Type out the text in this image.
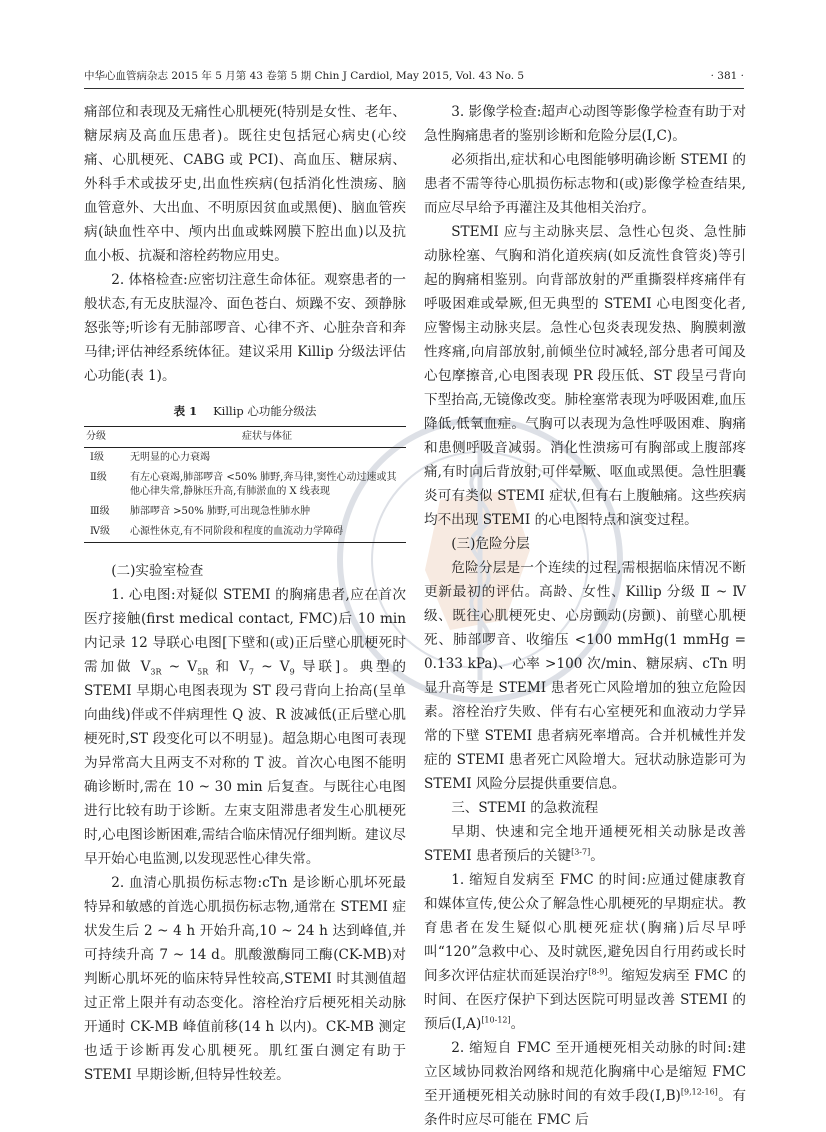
中华心血管病杂志 2015 年 5 月第 43 卷第 5 期 Chin J Cardiol, May 2015, Vol. 43 No. 5	· 381 ·

痛部位和表现及无痛性心肌梗死(特别是女性、老年、糖尿病及高血压患者)。既往史包括冠心病史(心绞痛、心肌梗死、CABG 或 PCI)、高血压、糖尿病、外科手术或拔牙史,出血性疾病(包括消化性溃疡、脑血管意外、大出血、不明原因贫血或黑便)、脑血管疾病(缺血性卒中、颅内出血或蛛网膜下腔出血)以及抗血小板、抗凝和溶栓药物应用史。

2. 体格检查:应密切注意生命体征。观察患者的一般状态,有无皮肤湿冷、面色苍白、烦躁不安、颈静脉怒张等;听诊有无肺部啰音、心律不齐、心脏杂音和奔马律;评估神经系统体征。建议采用 Killip 分级法评估心功能(表 1)。

表 1 Killip 心功能分级法
分级	症状与体征
Ⅰ级	无明显的心力衰竭
Ⅱ级	有左心衰竭,肺部啰音 <50% 肺野,奔马律,窦性心动过速或其他心律失常,静脉压升高,有肺淤血的 X 线表现
Ⅲ级	肺部啰音 >50% 肺野,可出现急性肺水肿
Ⅳ级	心源性休克,有不同阶段和程度的血流动力学障碍

(二)实验室检查

1. 心电图:对疑似 STEMI 的胸痛患者,应在首次医疗接触(first medical contact, FMC)后 10 min 内记录 12 导联心电图[下壁和(或)正后壁心肌梗死时需加做 $V_{3R}$ ~ $V_{5R}$ 和 $V_7$ ~ $V_9$ 导联]。典型的 STEMI 早期心电图表现为 ST 段弓背向上抬高(呈单向曲线)伴或不伴病理性 Q 波、R 波减低(正后壁心肌梗死时,ST 段变化可以不明显)。超急期心电图可表现为异常高大且两支不对称的 T 波。首次心电图不能明确诊断时,需在 10 ~ 30 min 后复查。与既往心电图进行比较有助于诊断。左束支阻滞患者发生心肌梗死时,心电图诊断困难,需结合临床情况仔细判断。建议尽早开始心电监测,以发现恶性心律失常。

2. 血清心肌损伤标志物:cTn 是诊断心肌坏死最特异和敏感的首选心肌损伤标志物,通常在 STEMI 症状发生后 2 ~ 4 h 开始升高,10 ~ 24 h 达到峰值,并可持续升高 7 ~ 14 d。肌酸激酶同工酶(CK-MB)对判断心肌坏死的临床特异性较高,STEMI 时其测值超过正常上限并有动态变化。溶栓治疗后梗死相关动脉开通时 CK-MB 峰值前移(14 h 以内)。CK-MB 测定也适于诊断再发心肌梗死。肌红蛋白测定有助于 STEMI 早期诊断,但特异性较差。

3. 影像学检查:超声心动图等影像学检查有助于对急性胸痛患者的鉴别诊断和危险分层(Ⅰ,C)。

必须指出,症状和心电图能够明确诊断 STEMI 的患者不需等待心肌损伤标志物和(或)影像学检查结果,而应尽早给予再灌注及其他相关治疗。

STEMI 应与主动脉夹层、急性心包炎、急性肺动脉栓塞、气胸和消化道疾病(如反流性食管炎)等引起的胸痛相鉴别。向背部放射的严重撕裂样疼痛伴有呼吸困难或晕厥,但无典型的 STEMI 心电图变化者,应警惕主动脉夹层。急性心包炎表现发热、胸膜刺激性疼痛,向肩部放射,前倾坐位时减轻,部分患者可闻及心包摩擦音,心电图表现 PR 段压低、ST 段呈弓背向下型抬高,无镜像改变。肺栓塞常表现为呼吸困难,血压降低,低氧血症。气胸可以表现为急性呼吸困难、胸痛和患侧呼吸音减弱。消化性溃疡可有胸部或上腹部疼痛,有时向后背放射,可伴晕厥、呕血或黑便。急性胆囊炎可有类似 STEMI 症状,但有右上腹触痛。这些疾病均不出现 STEMI 的心电图特点和演变过程。

(三)危险分层

危险分层是一个连续的过程,需根据临床情况不断更新最初的评估。高龄、女性、Killip 分级 Ⅱ ~ Ⅳ级、既往心肌梗死史、心房颤动(房颤)、前壁心肌梗死、肺部啰音、收缩压 <100 mmHg(1 mmHg = 0.133 kPa)、心率 >100 次/min、糖尿病、cTn 明显升高等是 STEMI 患者死亡风险增加的独立危险因素。溶栓治疗失败、伴有右心室梗死和血液动力学异常的下壁 STEMI 患者病死率增高。合并机械性并发症的 STEMI 患者死亡风险增大。冠状动脉造影可为 STEMI 风险分层提供重要信息。

三、STEMI 的急救流程

早期、快速和完全地开通梗死相关动脉是改善 STEMI 患者预后的关键[3-7]。

1. 缩短自发病至 FMC 的时间:应通过健康教育和媒体宣传,使公众了解急性心肌梗死的早期症状。教育患者在发生疑似心肌梗死症状(胸痛)后尽早呼叫“120”急救中心、及时就医,避免因自行用药或长时间多次评估症状而延误治疗[8-9]。缩短发病至 FMC 的时间、在医疗保护下到达医院可明显改善 STEMI 的预后(Ⅰ,A)[10-12]。

2. 缩短自 FMC 至开通梗死相关动脉的时间:建立区域协同救治网络和规范化胸痛中心是缩短 FMC 至开通梗死相关动脉时间的有效手段(Ⅰ,B)[9,12-16]。有条件时应尽可能在 FMC 后
